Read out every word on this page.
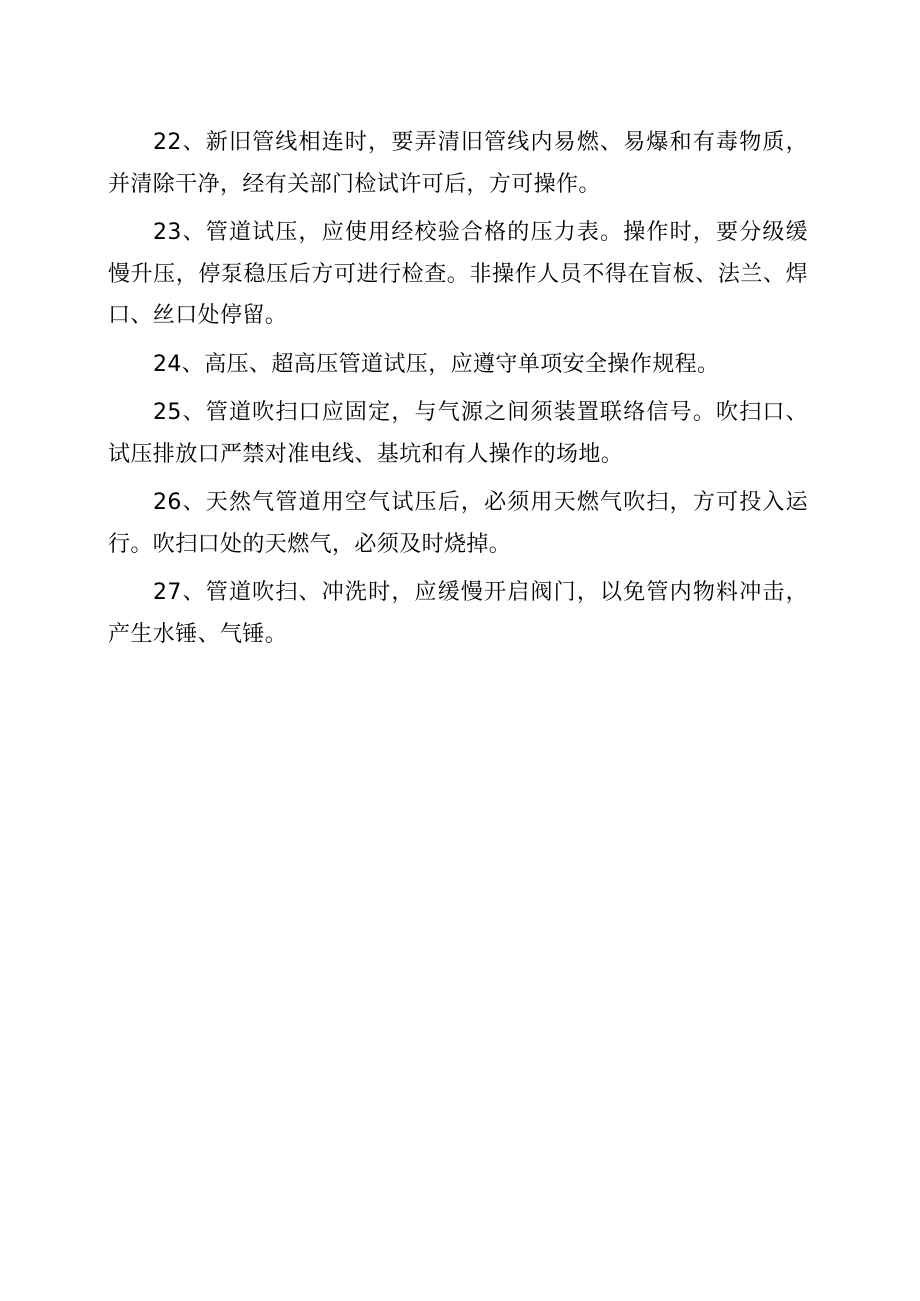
22、新旧管线相连时，要弄清旧管线内易燃、易爆和有毒物质，并清除干净，经有关部门检试许可后，方可操作。

23、管道试压，应使用经校验合格的压力表。操作时，要分级缓慢升压，停泵稳压后方可进行检查。非操作人员不得在盲板、法兰、焊口、丝口处停留。

24、高压、超高压管道试压，应遵守单项安全操作规程。

25、管道吹扫口应固定，与气源之间须装置联络信号。吹扫口、试压排放口严禁对准电线、基坑和有人操作的场地。

26、天然气管道用空气试压后，必须用天燃气吹扫，方可投入运行。吹扫口处的天燃气，必须及时烧掉。

27、管道吹扫、冲洗时，应缓慢开启阀门，以免管内物料冲击，产生水锤、气锤。
